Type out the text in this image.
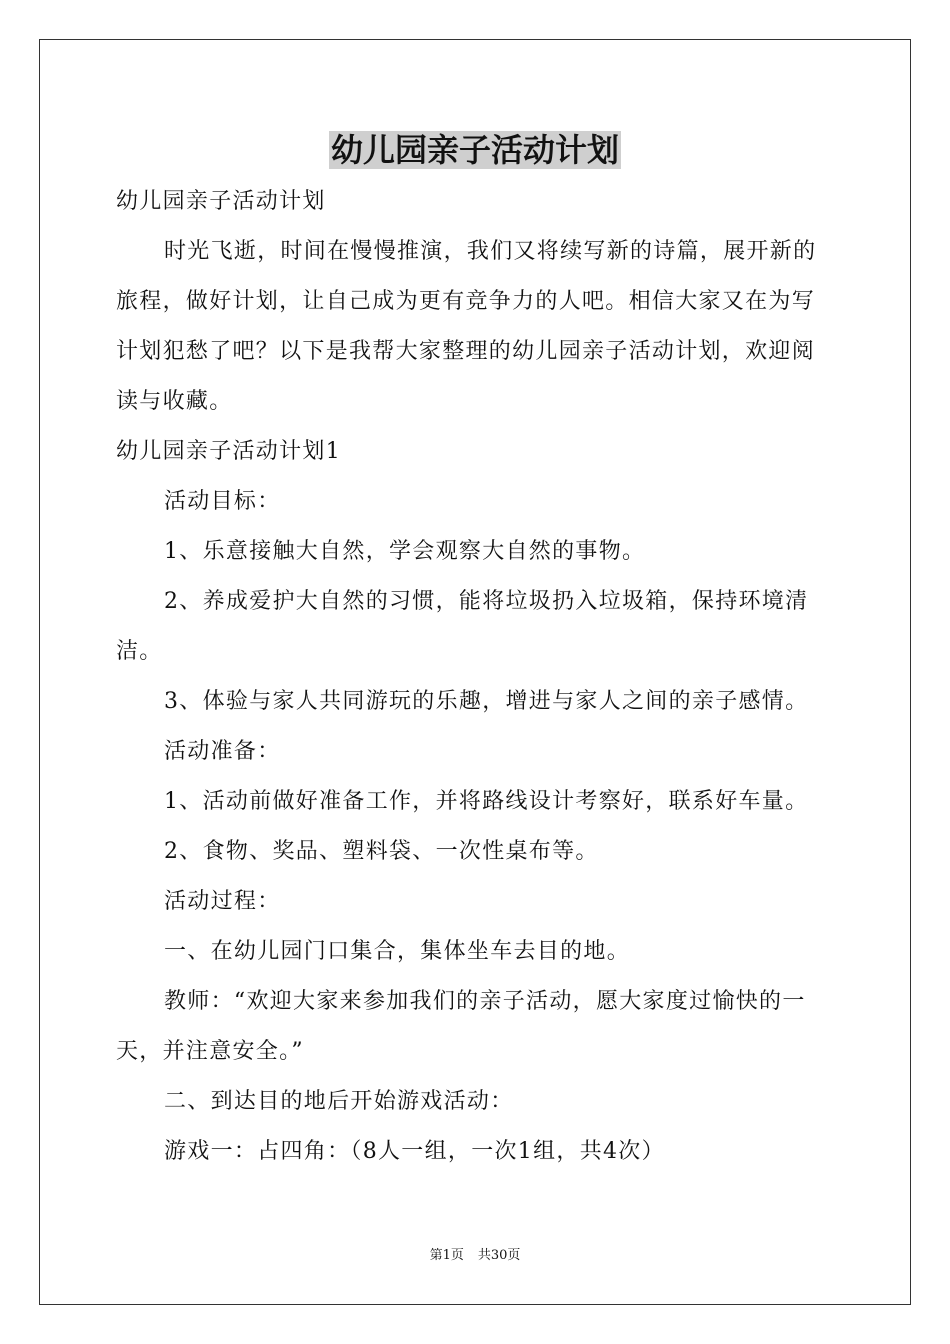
幼儿园亲子活动计划

幼儿园亲子活动计划

时光飞逝，时间在慢慢推演，我们又将续写新的诗篇，展开新的旅程，做好计划，让自己成为更有竞争力的人吧。相信大家又在为写计划犯愁了吧？以下是我帮大家整理的幼儿园亲子活动计划，欢迎阅读与收藏。

幼儿园亲子活动计划1

活动目标：

1、乐意接触大自然，学会观察大自然的事物。

2、养成爱护大自然的习惯，能将垃圾扔入垃圾箱，保持环境清洁。

3、体验与家人共同游玩的乐趣，增进与家人之间的亲子感情。

活动准备：

1、活动前做好准备工作，并将路线设计考察好，联系好车量。

2、食物、奖品、塑料袋、一次性桌布等。

活动过程：

一、在幼儿园门口集合，集体坐车去目的地。

教师：“欢迎大家来参加我们的亲子活动，愿大家度过愉快的一天，并注意安全。”

二、到达目的地后开始游戏活动：

游戏一：占四角：（8人一组，一次1组，共4次）

第1页 共30页
